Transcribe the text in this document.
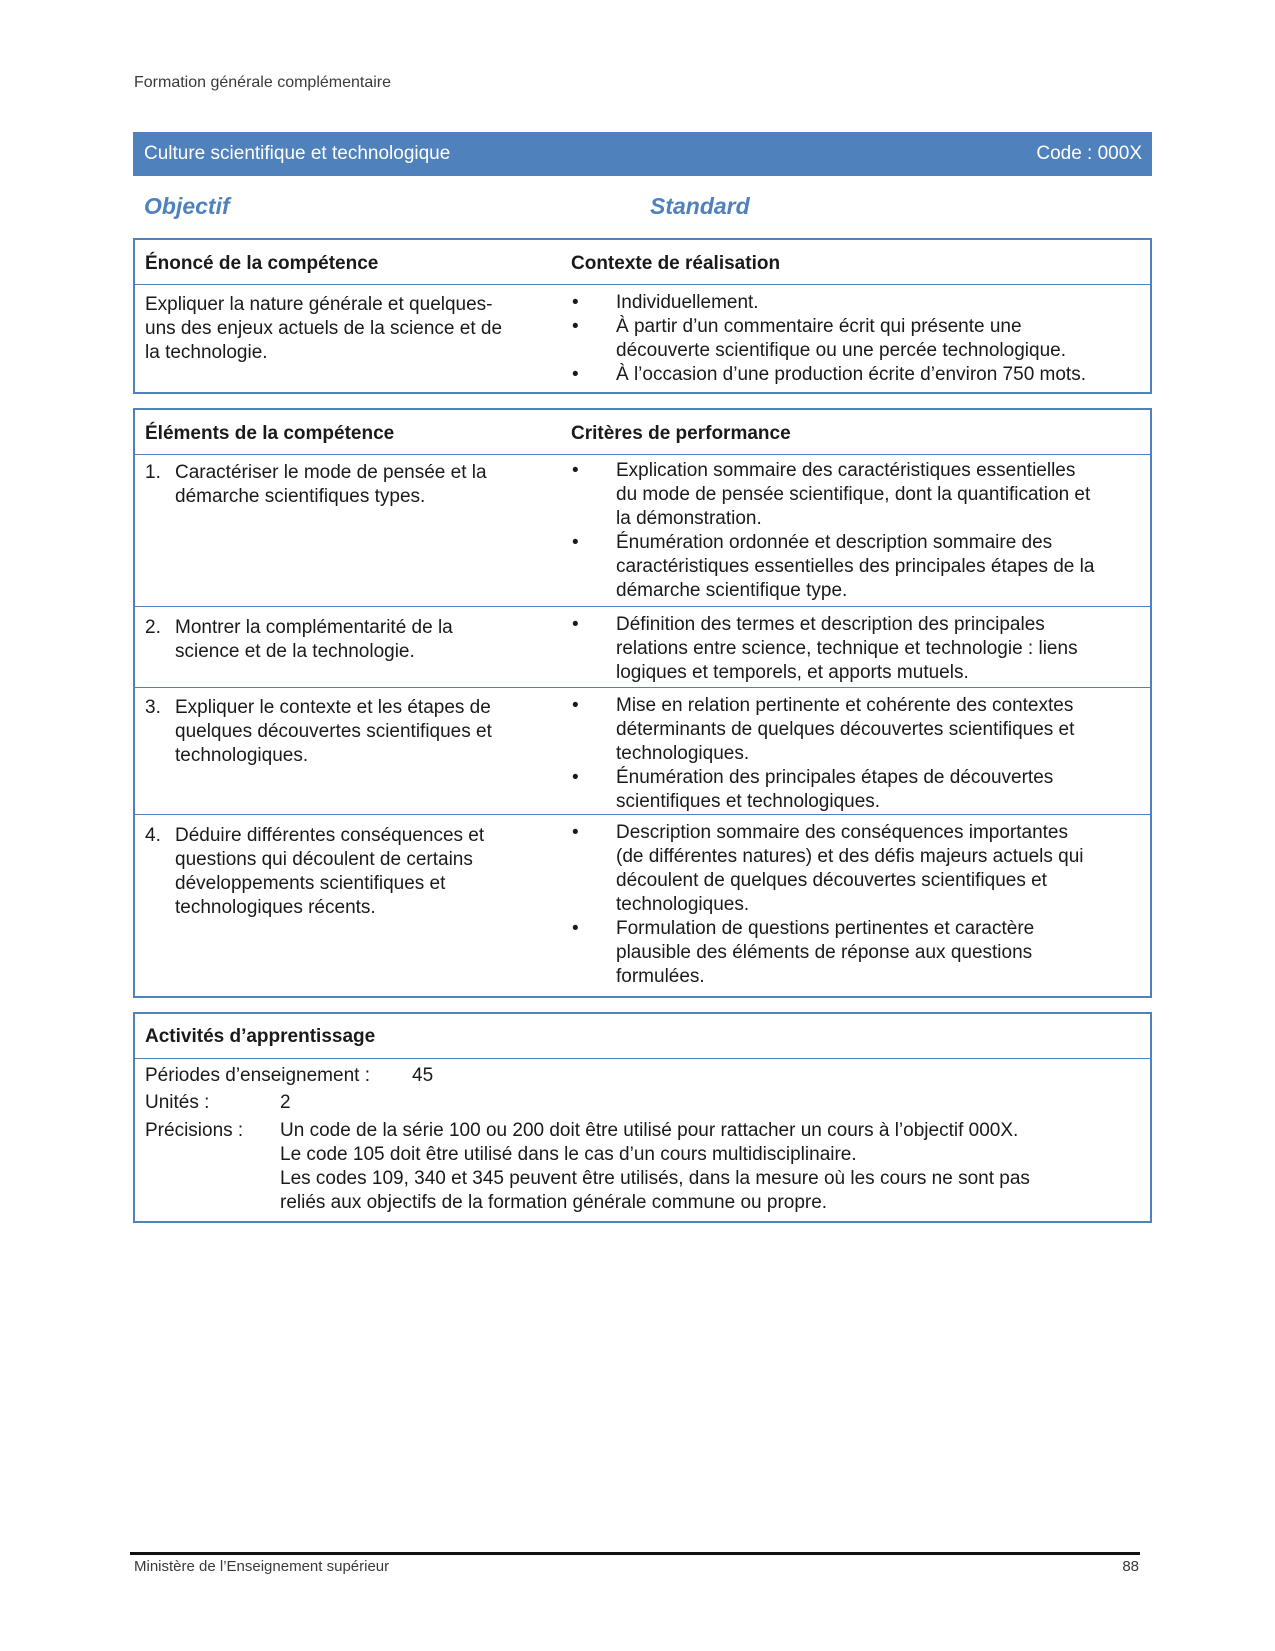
Formation générale complémentaire
Culture scientifique et technologique	Code : 000X
Objectif	Standard
Énoncé de la compétence	Contexte de réalisation
Expliquer la nature générale et quelques-
uns des enjeux actuels de la science et de
la technologie.
• Individuellement.
• À partir d’un commentaire écrit qui présente une
découverte scientifique ou une percée technologique.
• À l’occasion d’une production écrite d’environ 750 mots.
Éléments de la compétence	Critères de performance
1. Caractériser le mode de pensée et la
démarche scientifiques types.
• Explication sommaire des caractéristiques essentielles
du mode de pensée scientifique, dont la quantification et
la démonstration.
• Énumération ordonnée et description sommaire des
caractéristiques essentielles des principales étapes de la
démarche scientifique type.
2. Montrer la complémentarité de la
science et de la technologie.
• Définition des termes et description des principales
relations entre science, technique et technologie : liens
logiques et temporels, et apports mutuels.
3. Expliquer le contexte et les étapes de
quelques découvertes scientifiques et
technologiques.
• Mise en relation pertinente et cohérente des contextes
déterminants de quelques découvertes scientifiques et
technologiques.
• Énumération des principales étapes de découvertes
scientifiques et technologiques.
4. Déduire différentes conséquences et
questions qui découlent de certains
développements scientifiques et
technologiques récents.
• Description sommaire des conséquences importantes
(de différentes natures) et des défis majeurs actuels qui
découlent de quelques découvertes scientifiques et
technologiques.
• Formulation de questions pertinentes et caractère
plausible des éléments de réponse aux questions
formulées.
Activités d’apprentissage
Périodes d’enseignement : 45
Unités :	2
Précisions : Un code de la série 100 ou 200 doit être utilisé pour rattacher un cours à l’objectif 000X.
Le code 105 doit être utilisé dans le cas d’un cours multidisciplinaire.
Les codes 109, 340 et 345 peuvent être utilisés, dans la mesure où les cours ne sont pas
reliés aux objectifs de la formation générale commune ou propre.
Ministère de l’Enseignement supérieur	88
